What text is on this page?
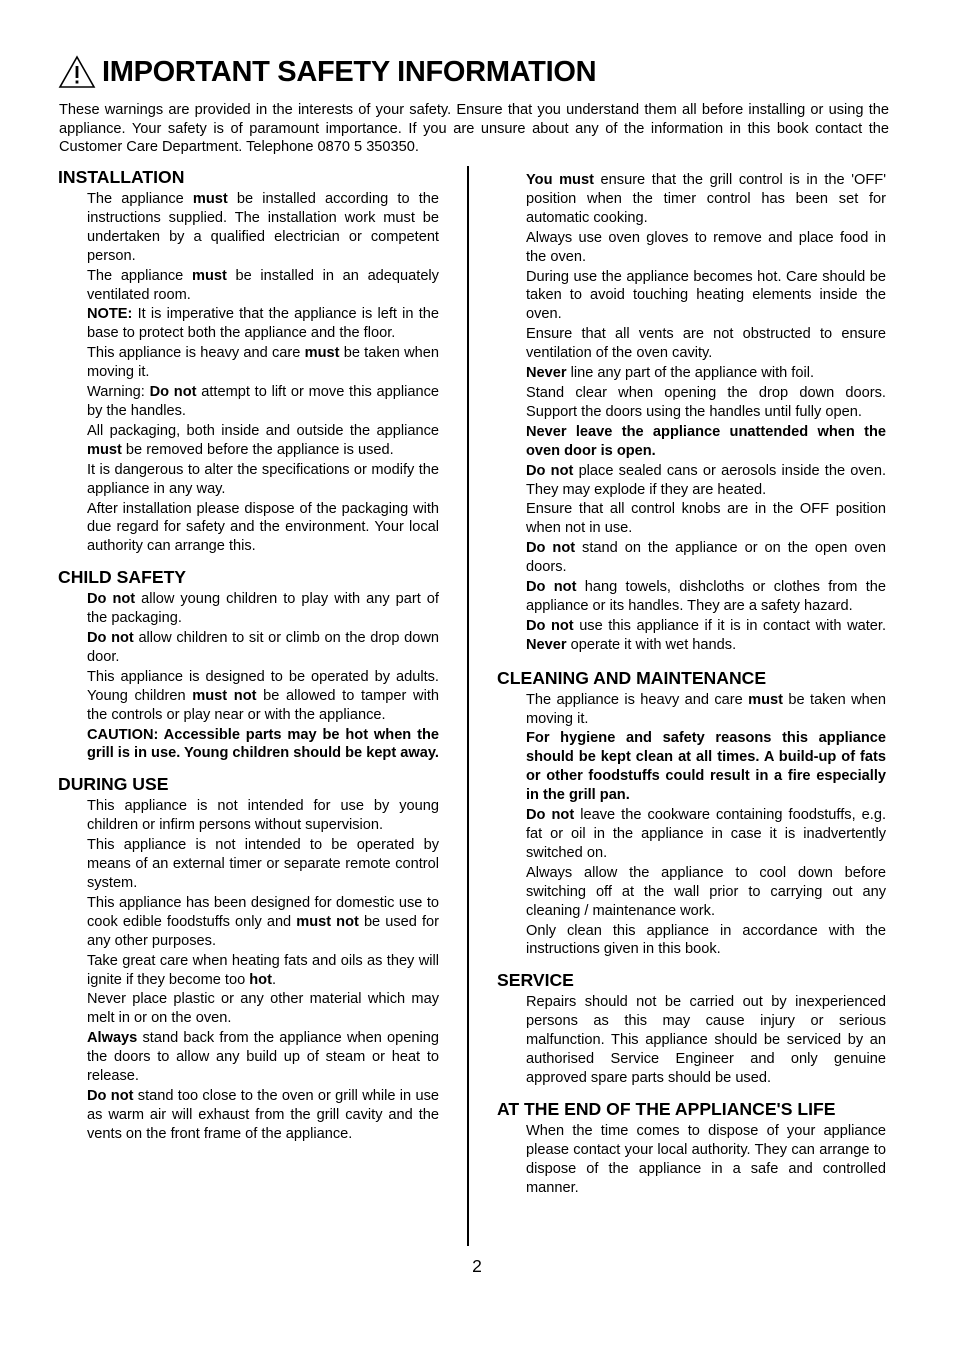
IMPORTANT SAFETY INFORMATION

These warnings are provided in the interests of your safety. Ensure that you understand them all before installing or using the appliance. Your safety is of paramount importance. If you are unsure about any of the information in this book contact the Customer Care Department. Telephone 0870 5 350350.

INSTALLATION

The appliance must be installed according to the instructions supplied. The installation work must be undertaken by a qualified electrician or competent person.

The appliance must be installed in an adequately ventilated room.

NOTE: It is imperative that the appliance is left in the base to protect both the appliance and the floor.

This appliance is heavy and care must be taken when moving it.

Warning: Do not attempt to lift or move this appliance by the handles.

All packaging, both inside and outside the appliance must be removed before the appliance is used.

It is dangerous to alter the specifications or modify the appliance in any way.

After installation please dispose of the packaging with due regard for safety and the environment. Your local authority can arrange this.

CHILD SAFETY

Do not allow young children to play with any part of the packaging.

Do not allow children to sit or climb on the drop down door.

This appliance is designed to be operated by adults. Young children must not be allowed to tamper with the controls or play near or with the appliance.

CAUTION: Accessible parts may be hot when the grill is in use. Young children should be kept away.

DURING USE

This appliance is not intended for use by young children or infirm persons without supervision.

This appliance is not intended to be operated by means of an external timer or separate remote control system.

This appliance has been designed for domestic use to cook edible foodstuffs only and must not be used for any other purposes.

Take great care when heating fats and oils as they will ignite if they become too hot.

Never place plastic or any other material which may melt in or on the oven.

Always stand back from the appliance when opening the doors to allow any build up of steam or heat to release.

Do not stand too close to the oven or grill while in use as warm air will exhaust from the grill cavity and the vents on the front frame of the appliance.

You must ensure that the grill control is in the 'OFF' position when the timer control has been set for automatic cooking.

Always use oven gloves to remove and place food in the oven.

During use the appliance becomes hot. Care should be taken to avoid touching heating elements inside the oven.

Ensure that all vents are not obstructed to ensure ventilation of the oven cavity.

Never line any part of the appliance with foil.

Stand clear when opening the drop down doors. Support the doors using the handles until fully open.

Never leave the appliance unattended when the oven door is open.

Do not place sealed cans or aerosols inside the oven. They may explode if they are heated.

Ensure that all control knobs are in the OFF position when not in use.

Do not stand on the appliance or on the open oven doors.

Do not hang towels, dishcloths or clothes from the appliance or its handles. They are a safety hazard.

Do not use this appliance if it is in contact with water. Never operate it with wet hands.

CLEANING AND MAINTENANCE

The appliance is heavy and care must be taken when moving it.

For hygiene and safety reasons this appliance should be kept clean at all times. A build-up of fats or other foodstuffs could result in a fire especially in the grill pan.

Do not leave the cookware containing foodstuffs, e.g. fat or oil in the appliance in case it is inadvertently switched on.

Always allow the appliance to cool down before switching off at the wall prior to carrying out any cleaning / maintenance work.

Only clean this appliance in accordance with the instructions given in this book.

SERVICE

Repairs should not be carried out by inexperienced persons as this may cause injury or serious malfunction. This appliance should be serviced by an authorised Service Engineer and only genuine approved spare parts should be used.

AT THE END OF THE APPLIANCE'S LIFE

When the time comes to dispose of your appliance please contact your local authority. They can arrange to dispose of the appliance in a safe and controlled manner.

2
